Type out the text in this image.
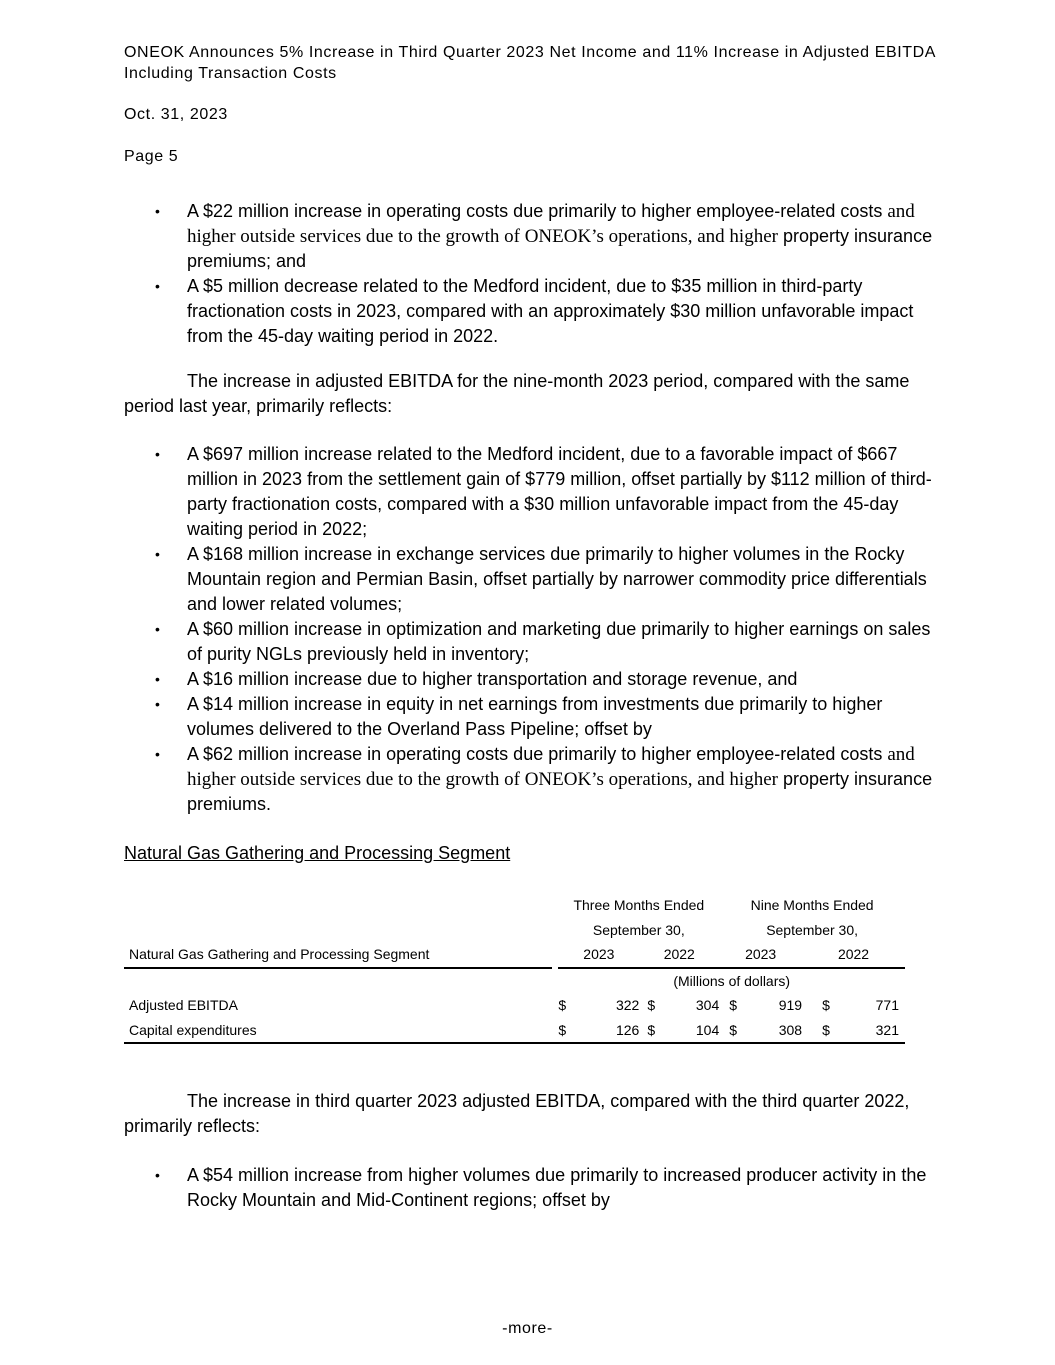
ONEOK Announces 5% Increase in Third Quarter 2023 Net Income and 11% Increase in Adjusted EBITDA Including Transaction Costs

Oct. 31, 2023

Page 5

• A $22 million increase in operating costs due primarily to higher employee-related costs and higher outside services due to the growth of ONEOK’s operations, and higher property insurance premiums; and
• A $5 million decrease related to the Medford incident, due to $35 million in third-party fractionation costs in 2023, compared with an approximately $30 million unfavorable impact from the 45-day waiting period in 2022.

The increase in adjusted EBITDA for the nine-month 2023 period, compared with the same period last year, primarily reflects:

• A $697 million increase related to the Medford incident, due to a favorable impact of $667 million in 2023 from the settlement gain of $779 million, offset partially by $112 million of third-party fractionation costs, compared with a $30 million unfavorable impact from the 45-day waiting period in 2022;
• A $168 million increase in exchange services due primarily to higher volumes in the Rocky Mountain region and Permian Basin, offset partially by narrower commodity price differentials and lower related volumes;
• A $60 million increase in optimization and marketing due primarily to higher earnings on sales of purity NGLs previously held in inventory;
• A $16 million increase due to higher transportation and storage revenue, and
• A $14 million increase in equity in net earnings from investments due primarily to higher volumes delivered to the Overland Pass Pipeline; offset by
• A $62 million increase in operating costs due primarily to higher employee-related costs and higher outside services due to the growth of ONEOK’s operations, and higher property insurance premiums.
Natural Gas Gathering and Processing Segment
		Three Months Ended				Nine Months Ended			
		September 30,				September 30,			
Natural Gas Gathering and Processing Segment		2023		2022		2023		2022	
		(Millions of dollars)							
Adjusted EBITDA		$	322	$	304	$	919	$	771
Capital expenditures		$	126	$	104	$	308	$	321

The increase in third quarter 2023 adjusted EBITDA, compared with the third quarter 2022, primarily reflects:

• A $54 million increase from higher volumes due primarily to increased producer activity in the Rocky Mountain and Mid-Continent regions; offset by

-more-
